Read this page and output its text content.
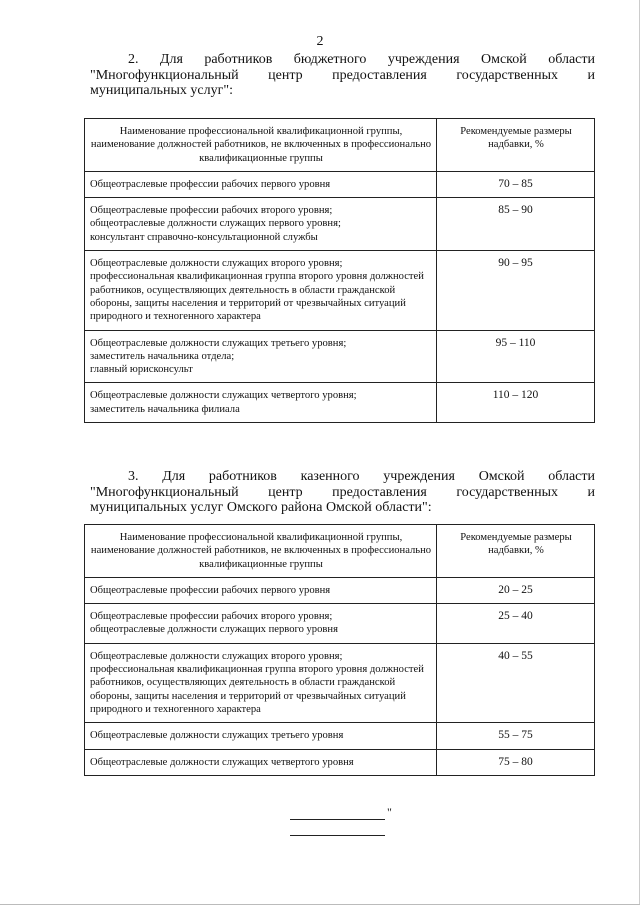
2
2. Для работников бюджетного учреждения Омской области
"Многофункциональный центр предоставления государственных и
муниципальных услуг":
Наименование профессиональной квалификационной группы, наименование должностей работников, не включенных в профессионально квалификационные группы	Рекомендуемые размеры надбавки, %
Общеотраслевые профессии рабочих первого уровня	70 – 85
Общеотраслевые профессии рабочих второго уровня;
общеотраслевые должности служащих первого уровня;
консультант справочно-консультационной службы	85 – 90
Общеотраслевые должности служащих второго уровня;
профессиональная квалификационная группа второго уровня должностей работников, осуществляющих деятельность в области гражданской обороны, защиты населения и территорий от чрезвычайных ситуаций природного и техногенного характера	90 – 95
Общеотраслевые должности служащих третьего уровня;
заместитель начальника отдела;
главный юрисконсульт	95 – 110
Общеотраслевые должности служащих четвертого уровня;
заместитель начальника филиала	110 – 120
3. Для работников казенного учреждения Омской области
"Многофункциональный центр предоставления государственных и
муниципальных услуг Омского района Омской области":
Наименование профессиональной квалификационной группы, наименование должностей работников, не включенных в профессионально квалификационные группы	Рекомендуемые размеры надбавки, %
Общеотраслевые профессии рабочих первого уровня	20 – 25
Общеотраслевые профессии рабочих второго уровня;
общеотраслевые должности служащих первого уровня	25 – 40
Общеотраслевые должности служащих второго уровня;
профессиональная квалификационная группа второго уровня должностей работников, осуществляющих деятельность в области гражданской обороны, защиты населения и территорий от чрезвычайных ситуаций природного и техногенного характера	40 – 55
Общеотраслевые должности служащих третьего уровня	55 – 75
Общеотраслевые должности служащих четвертого уровня	75 – 80
"
